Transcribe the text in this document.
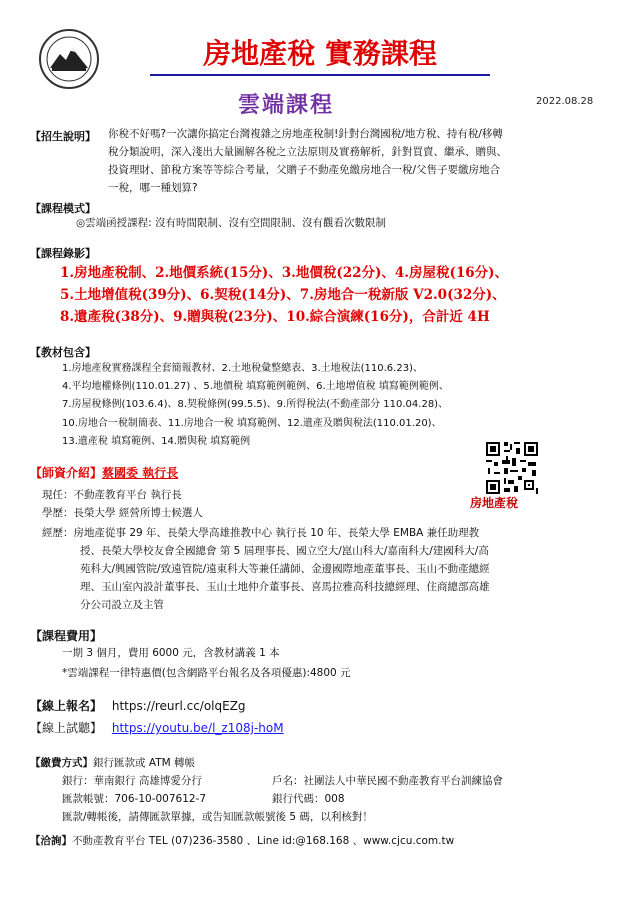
房地產稅 實務課程
雲端課程	2022.08.28
【招生說明】 你稅不好嗎?一次讓你搞定台灣複雜之房地產稅制!針對台灣國稅/地方稅、持有稅/移轉
稅分類說明，深入淺出大量圖解各稅之立法原則及實務解析，針對買賣、繼承、贈與、
投資理財、節稅方案等等綜合考量，父贈子不動產免繳房地合一稅/父售子要繳房地合
一稅，哪一種划算?
【課程模式】
◎雲端函授課程: 沒有時間限制、沒有空間限制、沒有觀看次數限制
【課程錄影】
1.房地產稅制、2.地價系統(15分)、3.地價稅(22分)、4.房屋稅(16分)、
5.土地增值稅(39分)、6.契稅(14分)、7.房地合一稅新版 V2.0(32分)、
8.遺產稅(38分)、9.贈與稅(23分)、10.綜合演練(16分)，合計近 4H
【教材包含】
1.房地產稅實務課程全套簡報教材、2.土地稅彙整總表、3.土地稅法(110.6.23)、
4.平均地權條例(110.01.27) 、5.地價稅 填寫範例範例、6.土地增值稅 填寫範例範例、
7.房屋稅條例(103.6.4)、8.契稅條例(99.5.5)、9.所得稅法(不動產部分 110.04.28)、
10.房地合一稅制簡表、11.房地合一稅 填寫範例、12.遺產及贈與稅法(110.01.20)、
13.遺產稅 填寫範例、14.贈與稅 填寫範例
房地產稅
【師資介紹】蔡國委 執行長
現任：不動產教育平台 執行長
學歷：長榮大學 經營所博士候選人
經歷：房地產從事 29 年、長榮大學高雄推教中心 執行長 10 年、長榮大學 EMBA 兼任助理教
授、長榮大學校友會全國總會 第 5 屆理事長、國立空大/崑山科大/嘉南科大/建國科大/高
苑科大/興國管院/致遠管院/遠東科大等兼任講師、金邊國際地產董事長、玉山不動產總經
理、玉山室內設計董事長、玉山土地仲介董事長、喜馬拉雅高科技總經理、住商總部高雄
分公司設立及主管
【課程費用】
一期 3 個月，費用 6000 元，含教材講義 1 本
*雲端課程一律特惠價(包含網路平台報名及各項優惠):4800 元
【線上報名】 https://reurl.cc/olqEZg
【線上試聽】 https://youtu.be/l_z108j-hoM
【繳費方式】銀行匯款或 ATM 轉帳
銀行：華南銀行 高雄博愛分行	戶名：社團法人中華民國不動產教育平台訓練協會
匯款帳號：706-10-007612-7	銀行代碼：008
匯款/轉帳後，請傳匯款單據，或告知匯款帳號後 5 碼，以利核對！
【洽詢】不動產教育平台 TEL (07)236-3580 、Line id:@168.168 、www.cjcu.com.tw
